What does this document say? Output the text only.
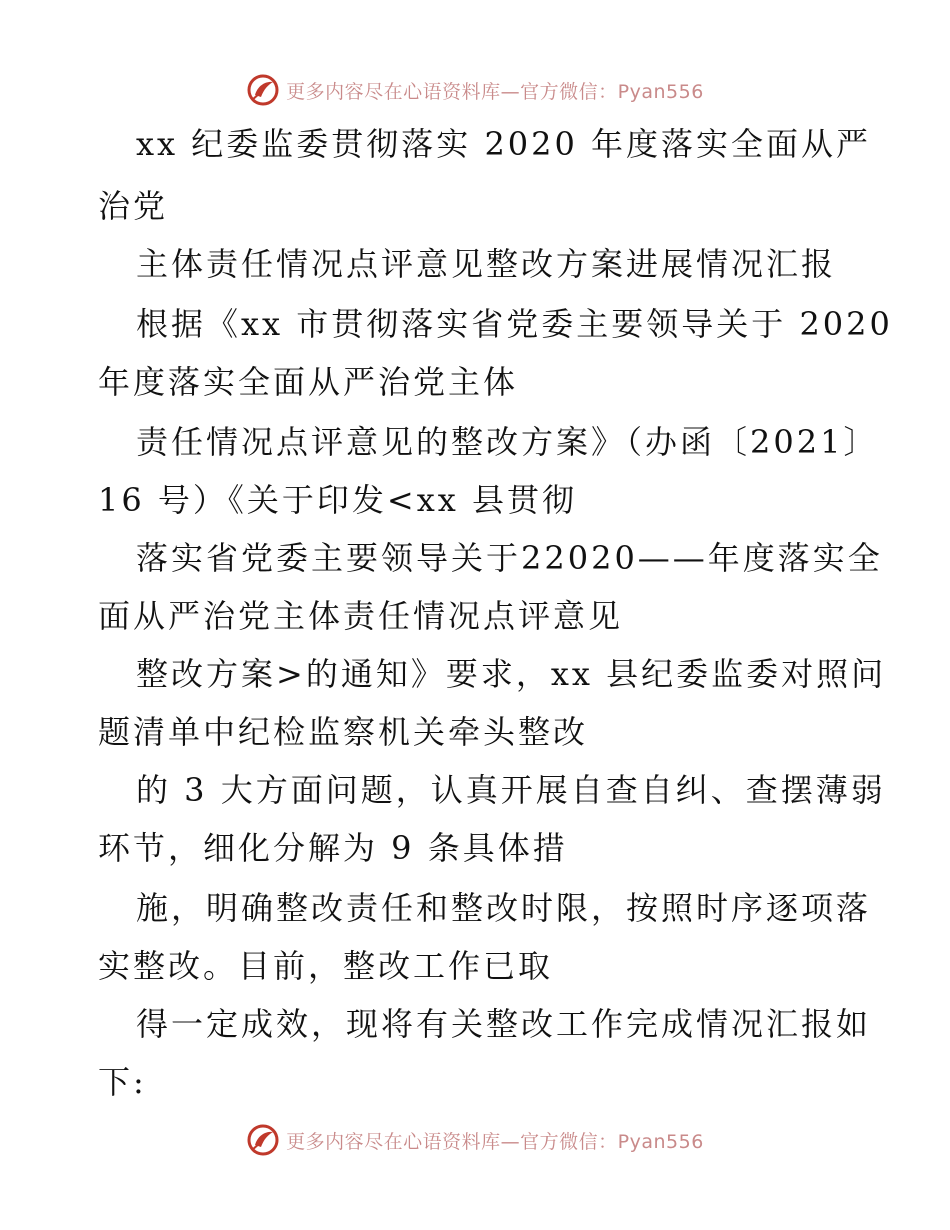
更多内容尽在心语资料库—官方微信：Pyan556
xx 纪委监委贯彻落实 2020 年度落实全面从严
治党
主体责任情况点评意见整改方案进展情况汇报
根据《xx 市贯彻落实省党委主要领导关于 2020
年度落实全面从严治党主体
责任情况点评意见的整改方案》（办函〔2021〕
16 号）《关于印发<xx 县贯彻
落实省党委主要领导关于22020——年度落实全
面从严治党主体责任情况点评意见
整改方案>的通知》要求，xx 县纪委监委对照问
题清单中纪检监察机关牵头整改
的 3 大方面问题，认真开展自查自纠、查摆薄弱
环节，细化分解为 9 条具体措
施，明确整改责任和整改时限，按照时序逐项落
实整改。目前，整改工作已取
得一定成效，现将有关整改工作完成情况汇报如
下:
更多内容尽在心语资料库—官方微信：Pyan556
